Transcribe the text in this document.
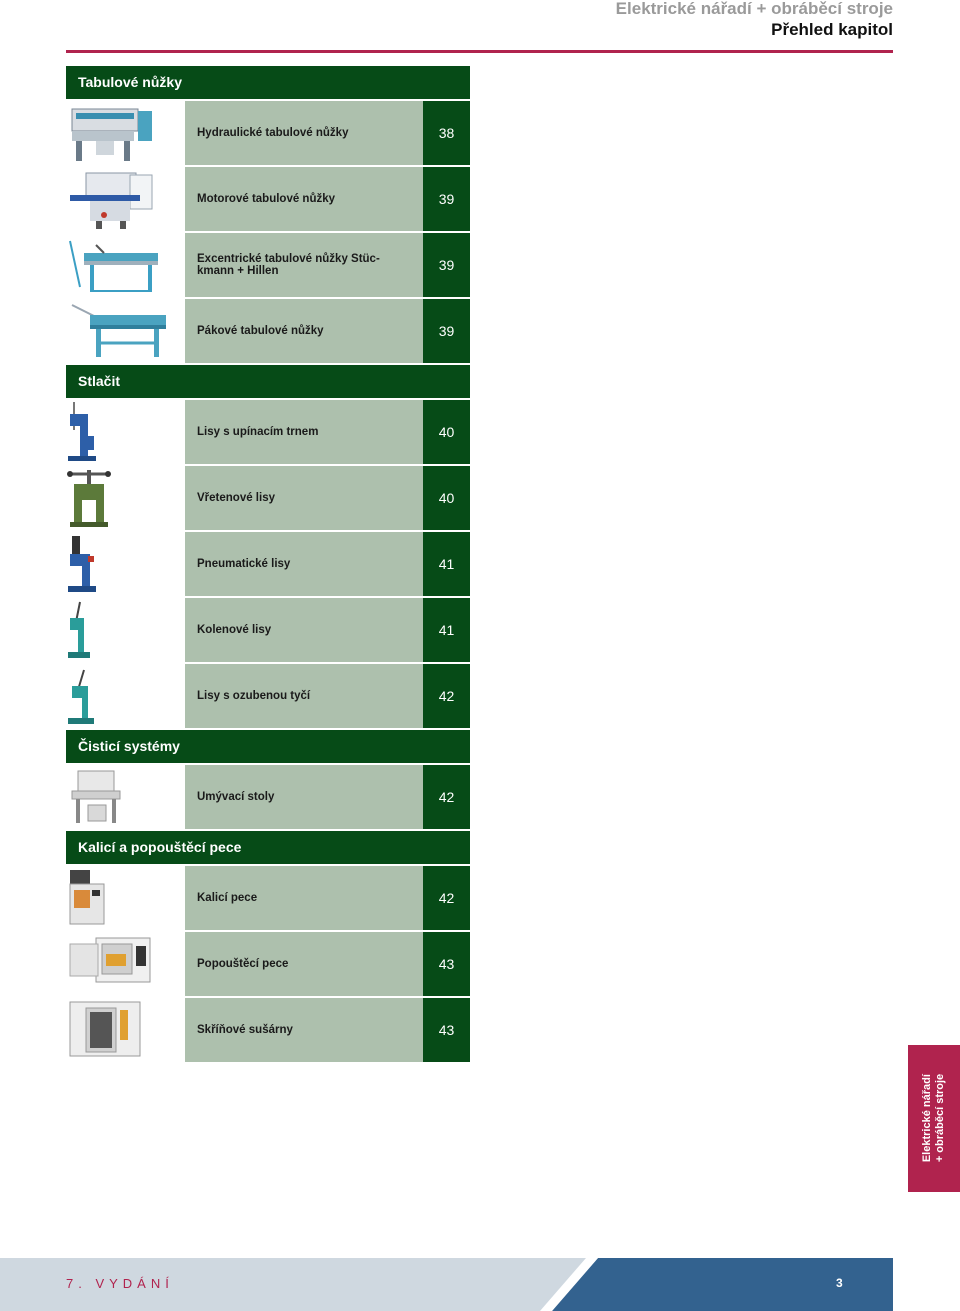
Elektrické nářadí + obráběcí stroje
Přehled kapitol
Tabulové nůžky
Hydraulické tabulové nůžky	38
Motorové tabulové nůžky	39
Excentrické tabulové nůžky Stüc-kmann + Hillen	39
Pákové tabulové nůžky	39
Stlačit
Lisy s upínacím trnem	40
Vřetenové lisy	40
Pneumatické lisy	41
Kolenové lisy	41
Lisy s ozubenou tyčí	42
Čisticí systémy
Umývací stoly	42
Kalicí a popouštěcí pece
Kalicí pece	42
Popouštěcí pece	43
Skříňové sušárny	43
Elektrické nářadí + obráběcí stroje
7. VYDÁNÍ	3
